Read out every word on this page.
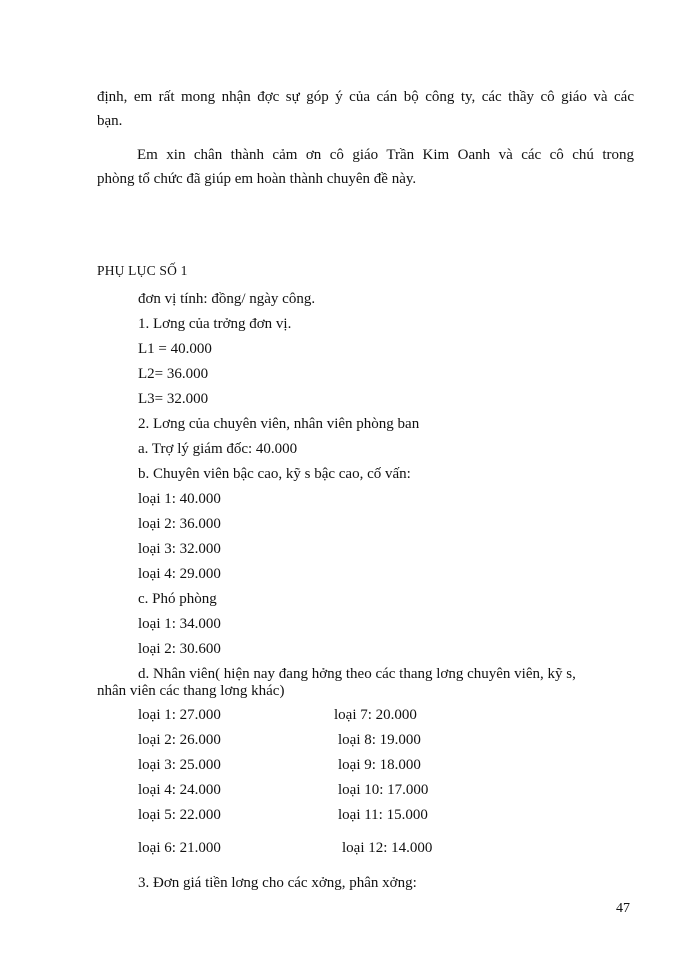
định, em rất mong nhận đợc sự góp ý của cán bộ công ty, các thầy cô giáo và các
bạn.
Em xin chân thành cảm ơn cô giáo Trần Kim Oanh và các cô chú trong
phòng tổ chức đã giúp em hoàn thành chuyên đề này.
PHỤ LỤC SỐ 1
đơn vị tính: đồng/ ngày công.
1. Lơng của trởng đơn vị.
L1 = 40.000
L2= 36.000
L3= 32.000
2. Lơng của chuyên viên, nhân viên phòng ban
a. Trợ lý giám đốc: 40.000
b. Chuyên viên bậc cao, kỹ s bậc cao, cố vấn:
loại 1: 40.000
loại 2: 36.000
loại 3: 32.000
loại 4: 29.000
c. Phó phòng
loại 1: 34.000
loại 2: 30.600
d. Nhân viên( hiện nay đang hởng theo các thang lơng chuyên viên, kỹ s,
nhân viên các thang lơng khác)
loại 1: 27.000
loại 2: 26.000
loại 3: 25.000
loại 4: 24.000
loại 5: 22.000
loại 6: 21.000
loại 7: 20.000
loại 8: 19.000
loại 9: 18.000
loại 10: 17.000
loại 11: 15.000
loại 12: 14.000
3. Đơn giá tiền lơng cho các xởng, phân xởng:
47
